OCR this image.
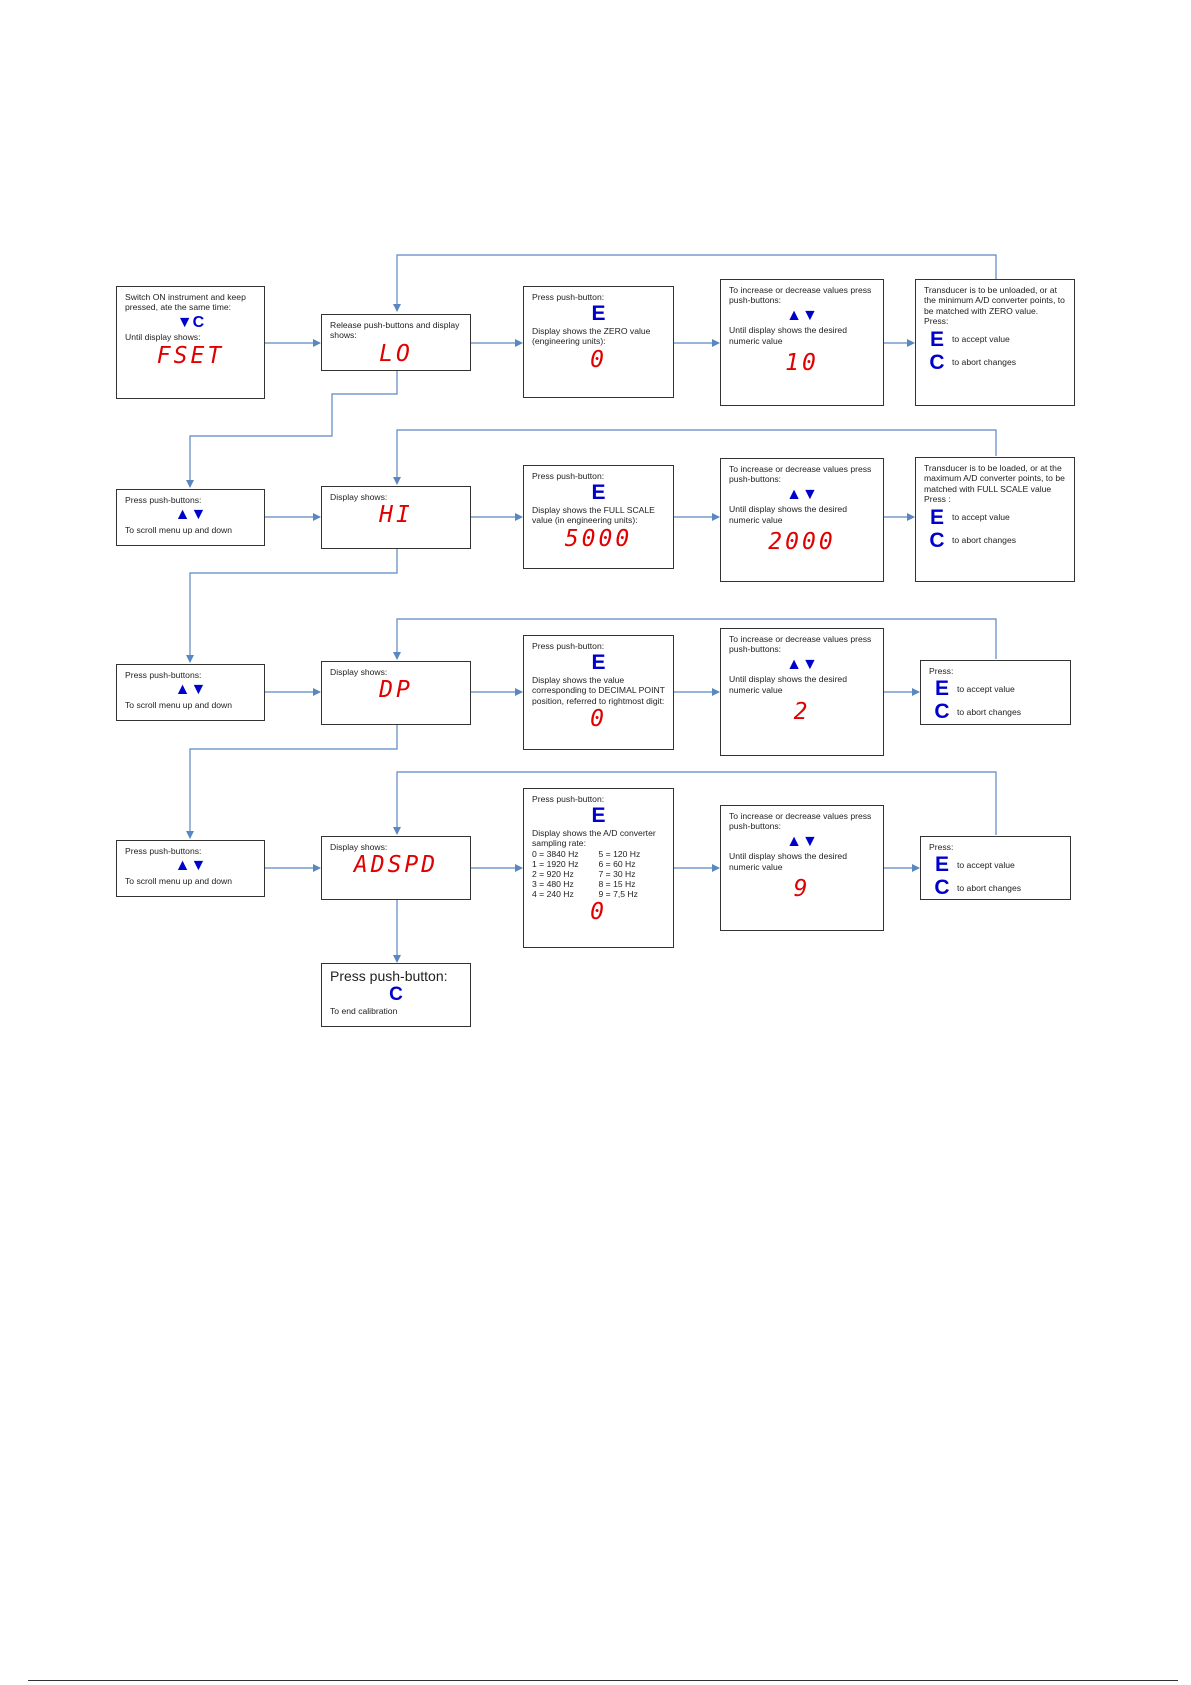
Switch ON instrument and keep pressed, ate the same time:
▼C
Until display shows:
FSET
Release push-buttons and display shows:
LO
Press push-button:
E
Display shows the ZERO value (engineering units):
0
To increase or decrease values press push-buttons:
▲▼
Until display shows the desired numeric value
10
Transducer is to be unloaded, or at the minimum A/D converter points, to be matched with ZERO value.
Press:
E to accept value
C to abort changes
Press push-buttons:
▲▼
To scroll menu up and down
Display shows:
HI
Press push-button:
E
Display shows the FULL SCALE value (in engineering units):
5000
To increase or decrease values press push-buttons:
▲▼
Until display shows the desired numeric value
2000
Transducer is to be loaded, or at the maximum A/D converter points, to be matched with FULL SCALE value
Press :
E to accept value
C to abort changes
Press push-buttons:
▲▼
To scroll menu up and down
Display shows:
DP
Press push-button:
E
Display shows the value corresponding to DECIMAL POINT position, referred to rightmost digit:
0
To increase or decrease values press push-buttons:
▲▼
Until display shows the desired numeric value
2
Press:
E to accept value
C to abort changes
Press push-buttons:
▲▼
To scroll menu up and down
Display shows:
ADSPD
Press push-button:
E
Display shows the A/D converter sampling rate:
0 = 3840 Hz	5 = 120 Hz
1 = 1920 Hz	6 = 60 Hz
2 = 920 Hz	7 = 30 Hz
3 = 480 Hz	8 = 15 Hz
4 = 240 Hz	9 = 7,5 Hz
0
To increase or decrease values press push-buttons:
▲▼
Until display shows the desired numeric value
9
Press:
E to accept value
C to abort changes
Press push-button:
C
To end calibration
